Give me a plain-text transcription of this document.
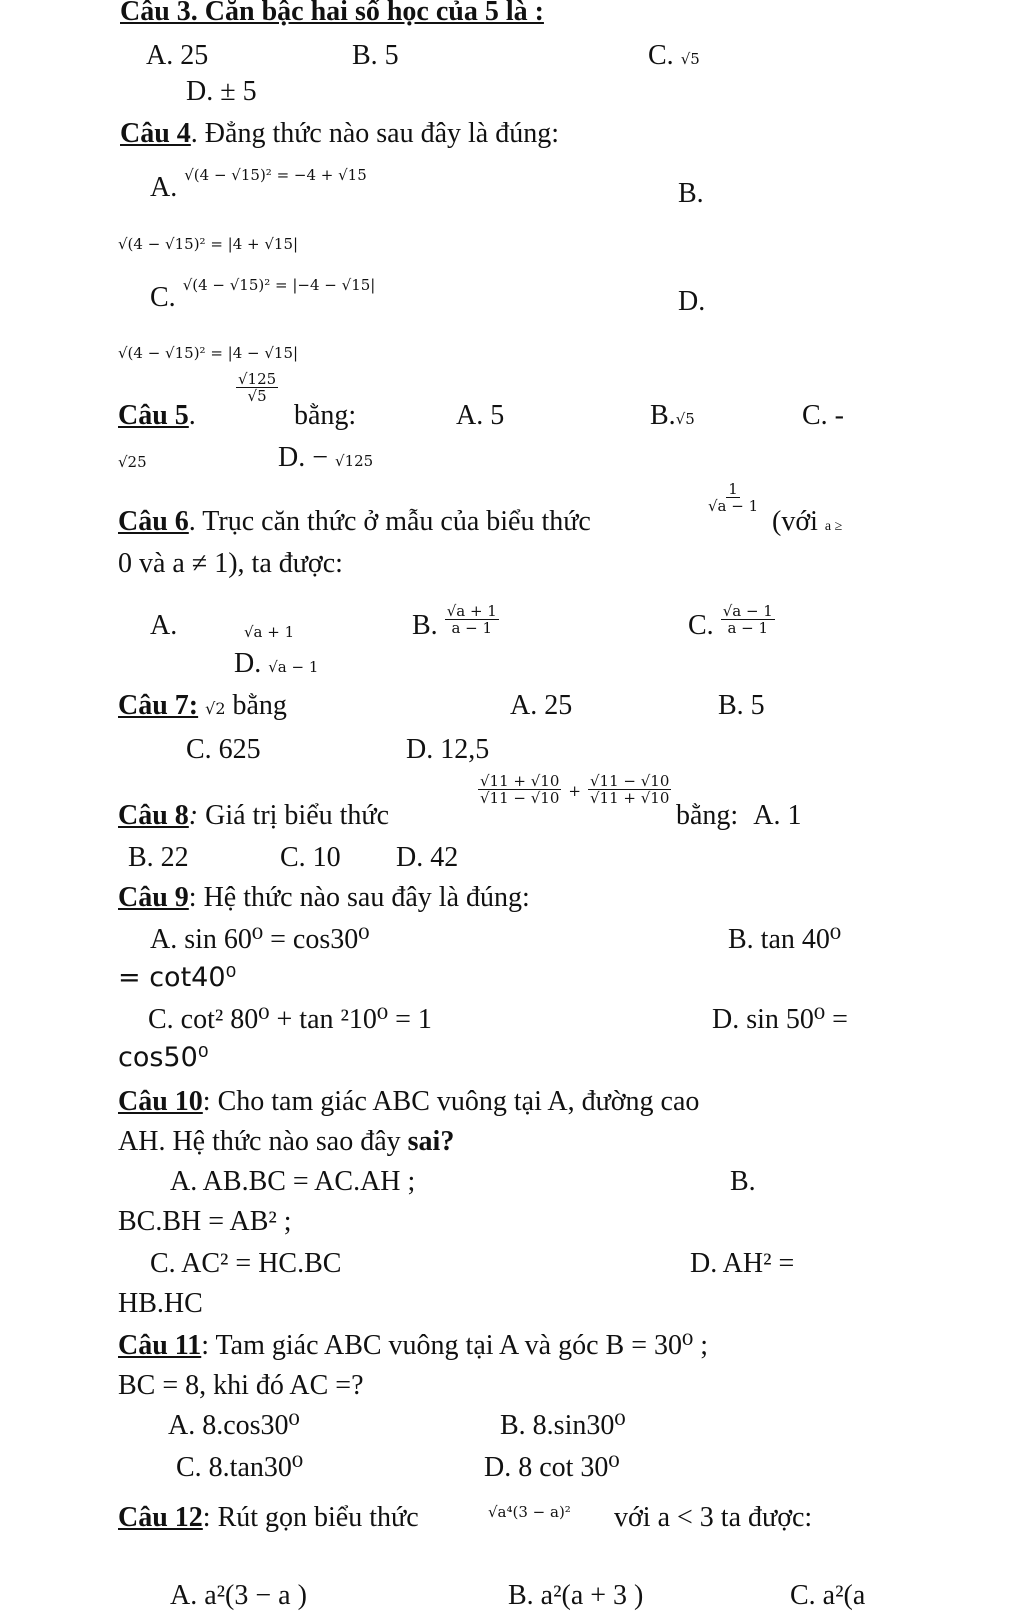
Câu 3. Căn bậc hai số học của 5 là :
A. 25	B. 5	C. √5
D. ± 5
Câu 4. Đẳng thức nào sau đây là đúng:
A. $^{√(4 - √15)^2 = -4 + √15}$
B.
√(4 − √15)² = |4 + √15|
C. $^{√(4 - √15)^2 = |-4 - √15|}$
D.
√(4 − √15)² = |4 − √15|
Câu 5.
$\frac{√125}{√5}$
bằng:	A. 5	B.√5	C. -
√25	D. − √125
Câu 6. Trục căn thức ở mẫu của biểu thức
$\frac{1}{√a - 1}$
(với a ≥
0 và a ≠ 1), ta được:
A.	√a + 1	B. $\frac{√a + 1}{a - 1}$	C. $\frac{√a - 1}{a - 1}$
D. √a − 1
Câu 7: √2 bằng	A. 25	B. 5
C. 625	D. 12,5
Câu 8: Giá trị biểu thức
$\frac{√11 + √10}{√11 - √10} + \frac{√11 - √10}{√11 + √10}$
bằng: A. 1
B. 22	C. 10 D. 42
Câu 9: Hệ thức nào sau đây là đúng:
A. sin 60⁰ = cos30⁰	B. tan 40⁰
= cot40⁰
C. cot² 80⁰ + tan ²10⁰ = 1	D. sin 50⁰ =
cos50⁰
Câu 10: Cho tam giác ABC vuông tại A, đường cao
AH. Hệ thức nào sao đây sai?
A. AB.BC = AC.AH ;	B.
BC.BH = AB² ;
C. AC² = HC.BC	D. AH² =
HB.HC
Câu 11: Tam giác ABC vuông tại A và góc B = 30⁰ ;
BC = 8, khi đó AC =?
A. 8.cos30⁰	B. 8.sin30⁰
C. 8.tan30⁰	D. 8 cot 30⁰
Câu 12: Rút gọn biểu thức	√a⁴(3 − a)² với a < 3 ta được:
A. a²(3 − a )	B. a²(a + 3 )	C. a²(a
